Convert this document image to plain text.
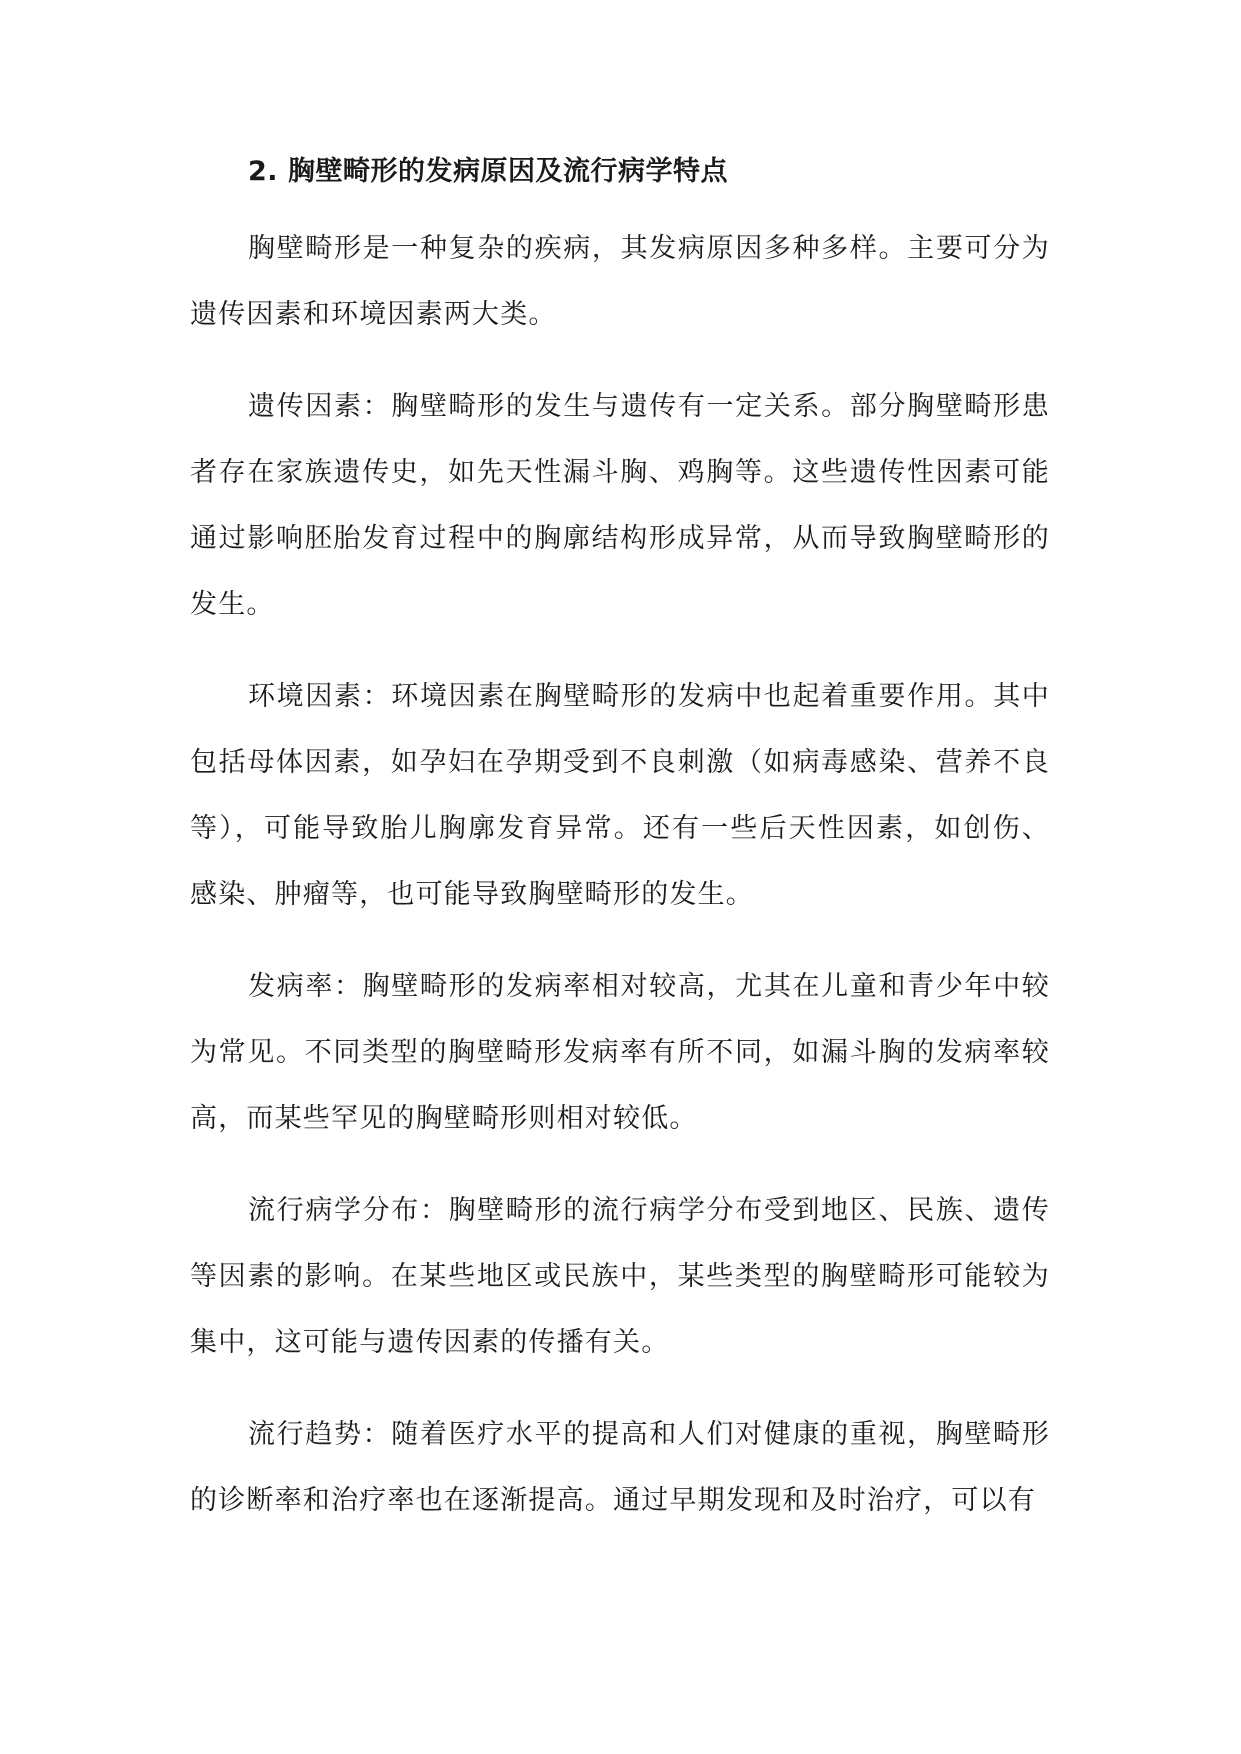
2. 胸壁畸形的发病原因及流行病学特点

胸壁畸形是一种复杂的疾病，其发病原因多种多样。主要可分为遗传因素和环境因素两大类。

遗传因素：胸壁畸形的发生与遗传有一定关系。部分胸壁畸形患者存在家族遗传史，如先天性漏斗胸、鸡胸等。这些遗传性因素可能通过影响胚胎发育过程中的胸廓结构形成异常，从而导致胸壁畸形的发生。

环境因素：环境因素在胸壁畸形的发病中也起着重要作用。其中包括母体因素，如孕妇在孕期受到不良刺激（如病毒感染、营养不良等），可能导致胎儿胸廓发育异常。还有一些后天性因素，如创伤、感染、肿瘤等，也可能导致胸壁畸形的发生。

发病率：胸壁畸形的发病率相对较高，尤其在儿童和青少年中较为常见。不同类型的胸壁畸形发病率有所不同，如漏斗胸的发病率较高，而某些罕见的胸壁畸形则相对较低。

流行病学分布：胸壁畸形的流行病学分布受到地区、民族、遗传等因素的影响。在某些地区或民族中，某些类型的胸壁畸形可能较为集中，这可能与遗传因素的传播有关。

流行趋势：随着医疗水平的提高和人们对健康的重视，胸壁畸形的诊断率和治疗率也在逐渐提高。通过早期发现和及时治疗，可以有
